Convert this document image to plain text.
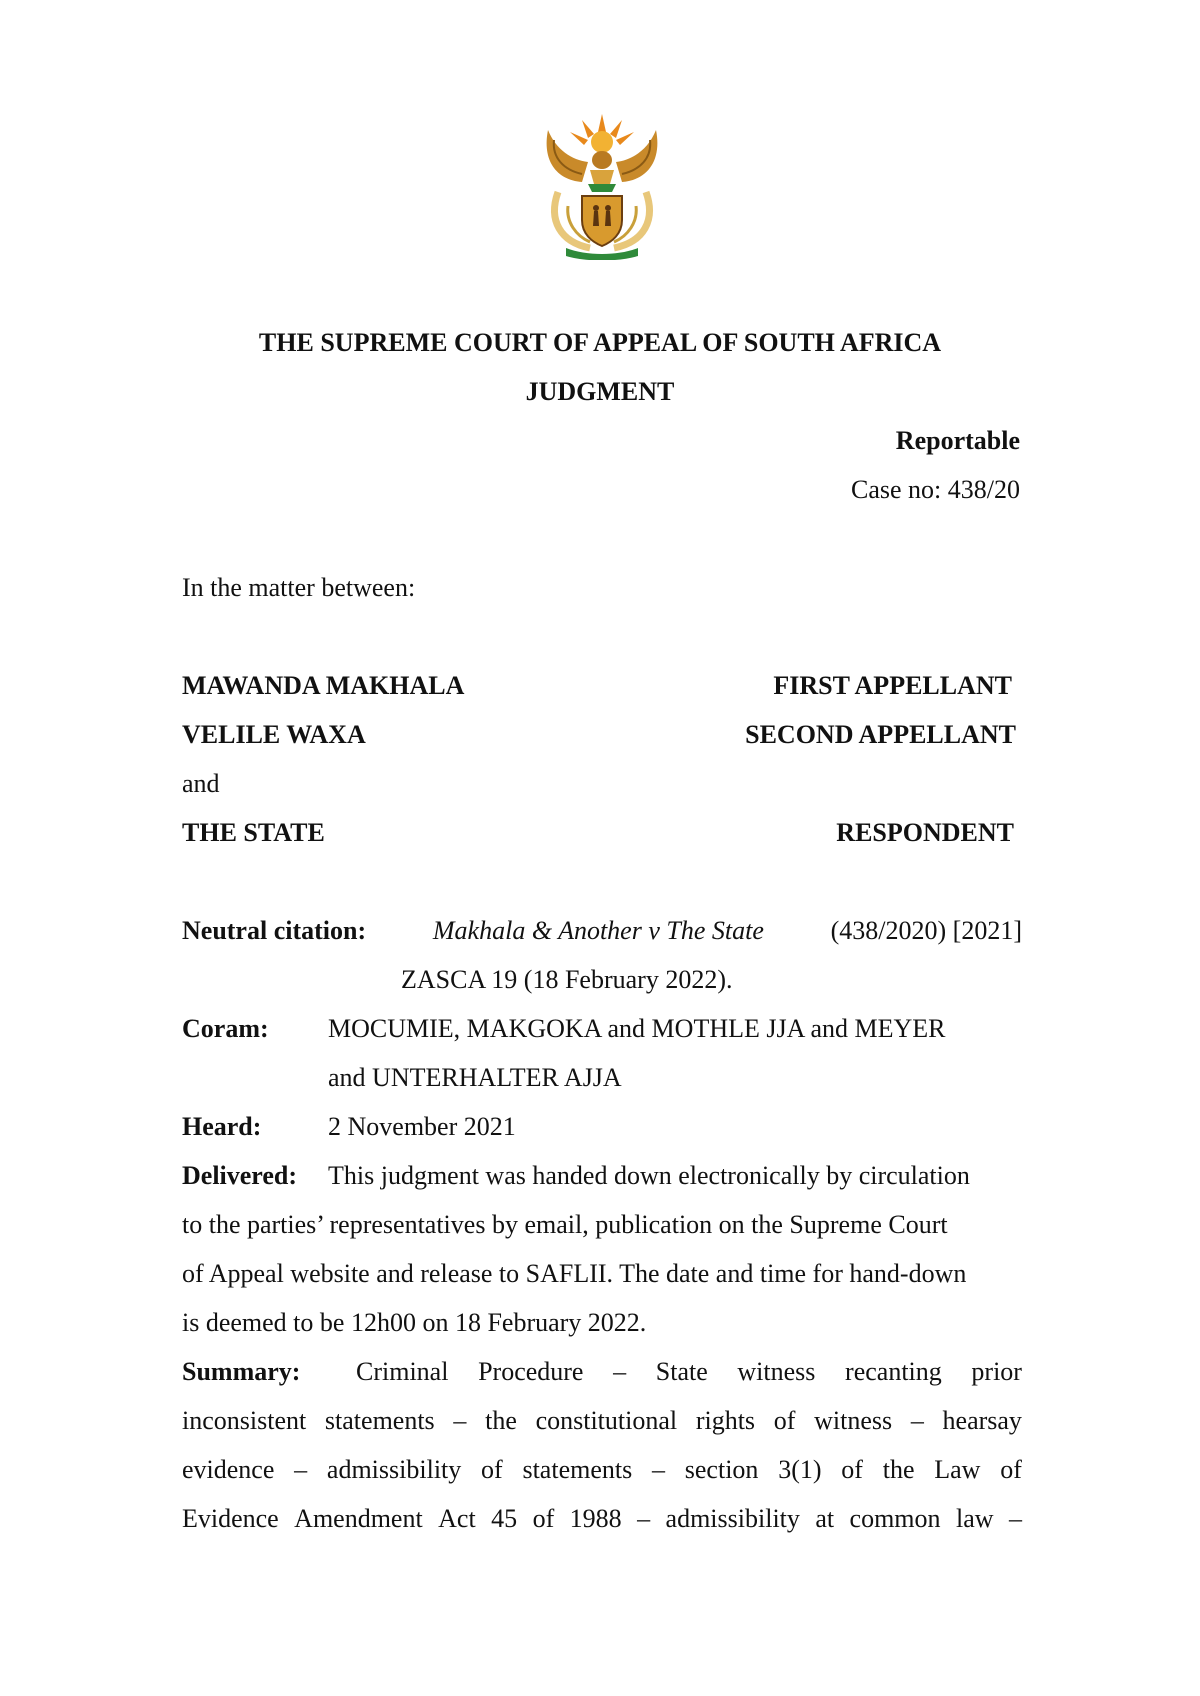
THE SUPREME COURT OF APPEAL OF SOUTH AFRICA
JUDGMENT
Reportable
Case no: 438/20
In the matter between:
MAWANDA MAKHALA	FIRST APPELLANT
VELILE WAXA	SECOND APPELLANT
and
THE STATE	RESPONDENT
Neutral citation:	Makhala & Another v The State	(438/2020) [2021]
ZASCA 19 (18 February 2022).
Coram: MOCUMIE, MAKGOKA and MOTHLE JJA and MEYER
and UNTERHALTER AJJA
Heard:	2 November 2021
Delivered: This judgment was handed down electronically by circulation
to the parties’ representatives by email, publication on the Supreme Court
of Appeal website and release to SAFLII. The date and time for hand-down
is deemed to be 12h00 on 18 February 2022.
Summary: Criminal Procedure – State witness recanting prior
inconsistent statements – the constitutional rights of witness – hearsay
evidence – admissibility of statements – section 3(1) of the Law of
Evidence Amendment Act 45 of 1988 – admissibility at common law –
